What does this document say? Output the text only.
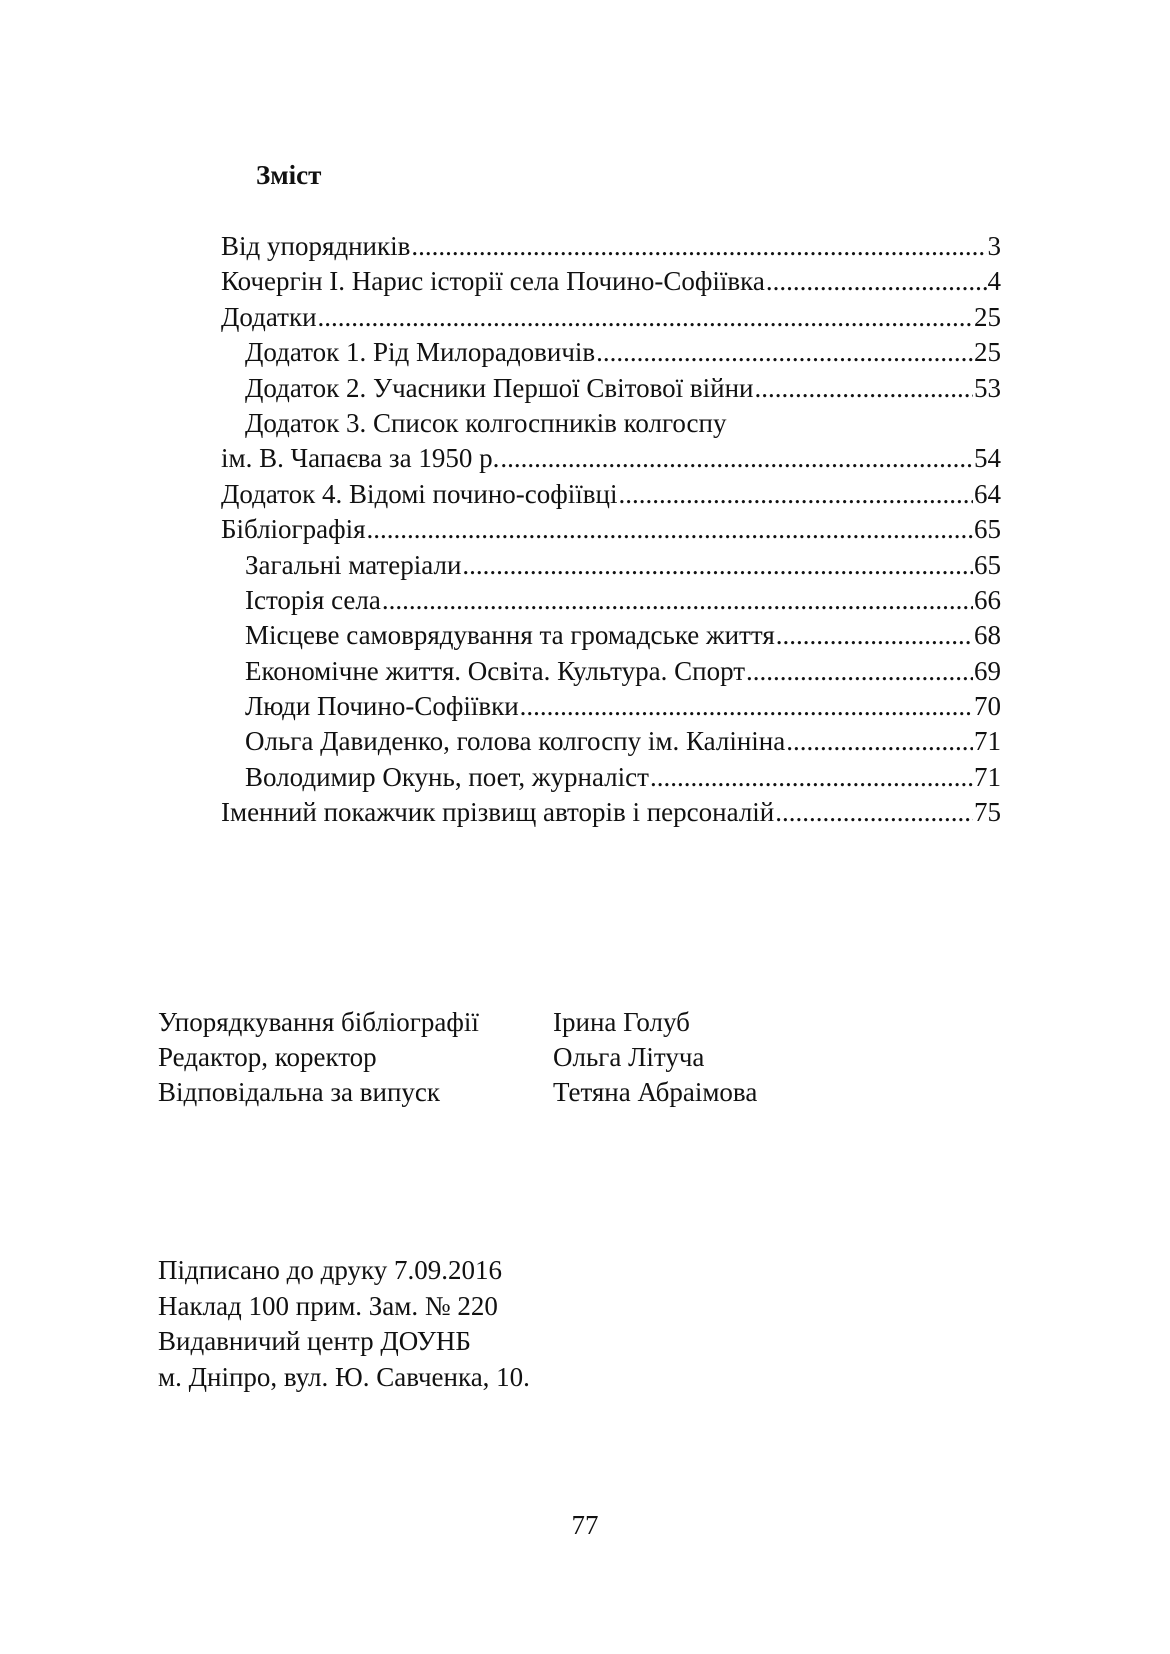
Зміст
Від упорядників .....	3
Кочергін І. Нарис історії села Почино-Софіївка .....	4
Додатки .....	25
Додаток 1. Рід Милорадовичів .....	25
Додаток 2. Учасники Першої Світової війни .....	53
Додаток 3. Список колгоспників колгоспу
ім. В. Чапаєва за 1950 р. .....	54
Додаток 4. Відомі почино-софіївці .....	64
Бібліографія .....	65
Загальні матеріали .....	65
Історія села .....	66
Місцеве самоврядування та громадське життя .....	68
Економічне життя. Освіта. Культура. Спорт .....	69
Люди Почино-Софіївки .....	70
Ольга Давиденко, голова колгоспу ім. Калініна .....	71
Володимир Окунь, поет, журналіст .....	71
Іменний покажчик прізвищ авторів і персоналій .....	75
Упорядкування бібліографії	Ірина Голуб
Редактор, коректор	Ольга Літуча
Відповідальна за випуск	Тетяна Абраімова
Підписано до друку 7.09.2016
Наклад 100 прим. Зам. № 220
Видавничий центр ДОУНБ
м. Дніпро, вул. Ю. Савченка, 10.
77
